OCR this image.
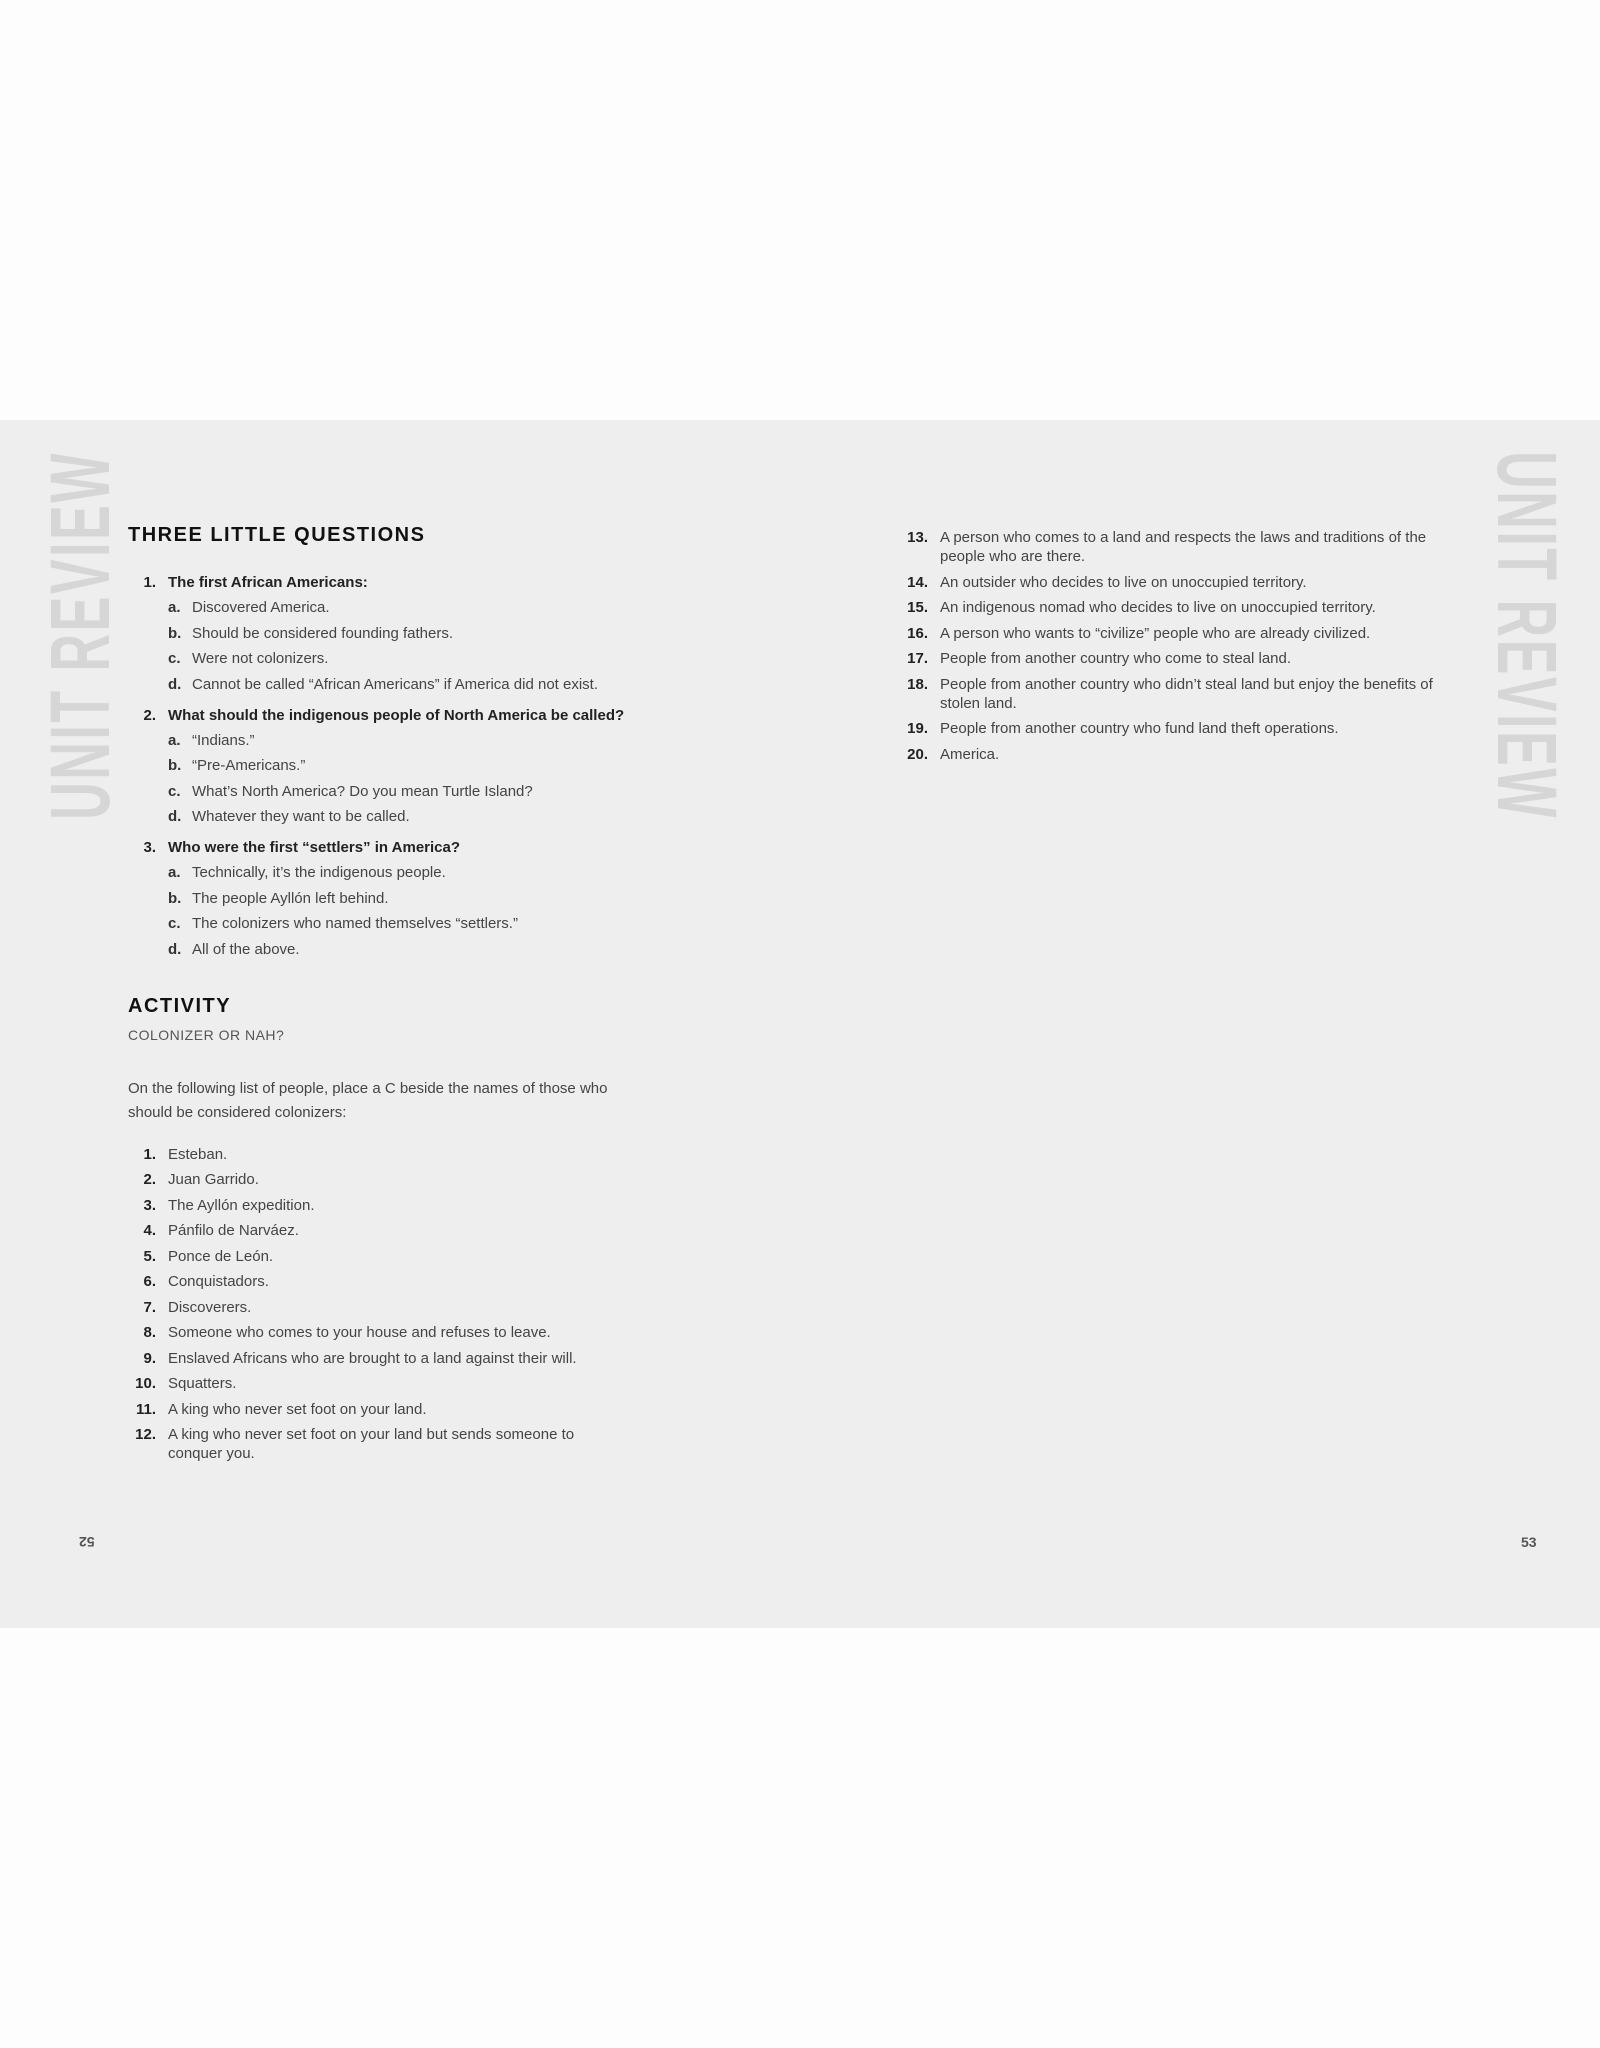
UNIT REVIEW	UNIT REVIEW
THREE LITTLE QUESTIONS
1. The first African Americans:
a. Discovered America.
b. Should be considered founding fathers.
c. Were not colonizers.
d. Cannot be called “African Americans” if America did not exist.
2. What should the indigenous people of North America be called?
a. “Indians.”
b. “Pre-Americans.”
c. What’s North America? Do you mean Turtle Island?
d. Whatever they want to be called.
3. Who were the first “settlers” in America?
a. Technically, it’s the indigenous people.
b. The people Ayllón left behind.
c. The colonizers who named themselves “settlers.”
d. All of the above.
ACTIVITY
COLONIZER OR NAH?
On the following list of people, place a C beside the names of those who should be considered colonizers:
1. Esteban.
2. Juan Garrido.
3. The Ayllón expedition.
4. Pánfilo de Narváez.
5. Ponce de León.
6. Conquistadors.
7. Discoverers.
8. Someone who comes to your house and refuses to leave.
9. Enslaved Africans who are brought to a land against their will.
10. Squatters.
11. A king who never set foot on your land.
12. A king who never set foot on your land but sends someone to conquer you.
13. A person who comes to a land and respects the laws and traditions of the people who are there.
14. An outsider who decides to live on unoccupied territory.
15. An indigenous nomad who decides to live on unoccupied territory.
16. A person who wants to “civilize” people who are already civilized.
17. People from another country who come to steal land.
18. People from another country who didn’t steal land but enjoy the benefits of stolen land.
19. People from another country who fund land theft operations.
20. America.
52	53
